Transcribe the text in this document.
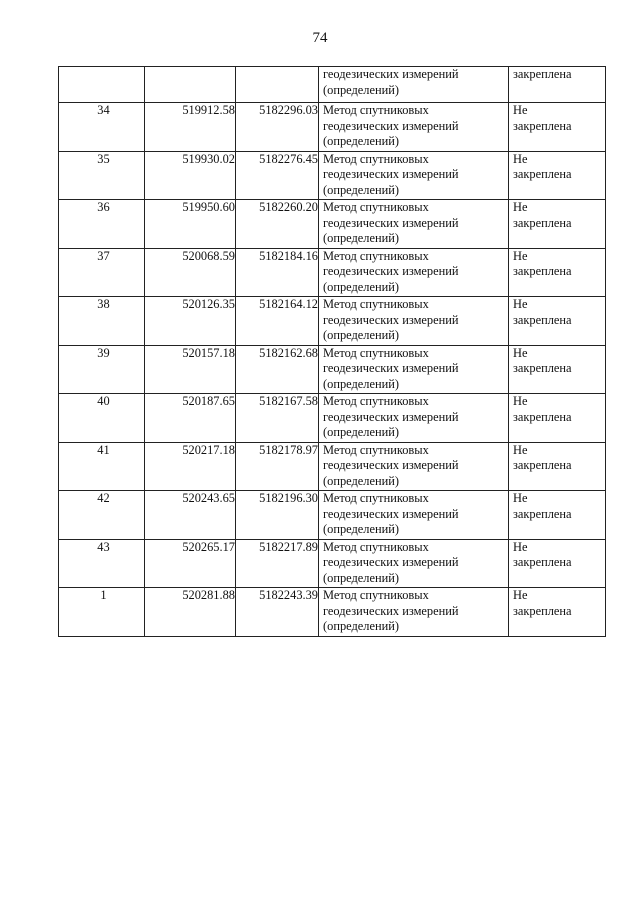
74

			геодезических измерений
(определений)	закреплена

34	519912.58	5182296.03	Метод спутниковых
геодезических измерений
(определений)	Не
закреплена

35	519930.02	5182276.45	Метод спутниковых
геодезических измерений
(определений)	Не
закреплена

36	519950.60	5182260.20	Метод спутниковых
геодезических измерений
(определений)	Не
закреплена

37	520068.59	5182184.16	Метод спутниковых
геодезических измерений
(определений)	Не
закреплена

38	520126.35	5182164.12	Метод спутниковых
геодезических измерений
(определений)	Не
закреплена

39	520157.18	5182162.68	Метод спутниковых
геодезических измерений
(определений)	Не
закреплена

40	520187.65	5182167.58	Метод спутниковых
геодезических измерений
(определений)	Не
закреплена

41	520217.18	5182178.97	Метод спутниковых
геодезических измерений
(определений)	Не
закреплена

42	520243.65	5182196.30	Метод спутниковых
геодезических измерений
(определений)	Не
закреплена

43	520265.17	5182217.89	Метод спутниковых
геодезических измерений
(определений)	Не
закреплена

1	520281.88	5182243.39	Метод спутниковых
геодезических измерений
(определений)	Не
закреплена
